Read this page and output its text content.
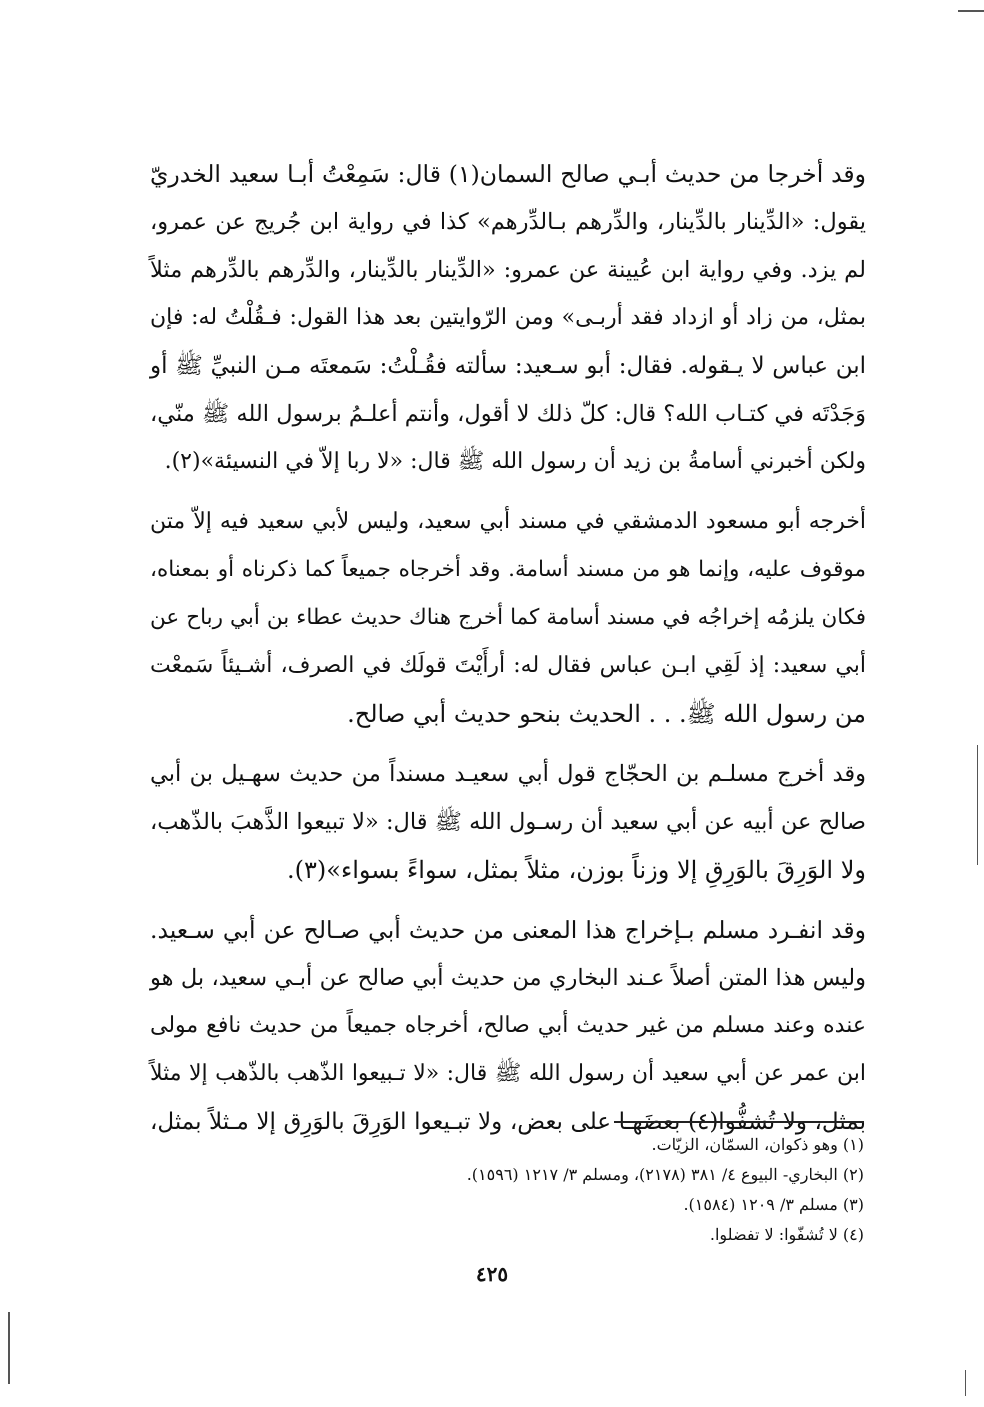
وقد أخرجا من حديث أبـي صالح السمان(١) قال: سَمِعْتُ أبـا سعيد الخدريّ
يقول: «الدِّينار بالدِّينار، والدِّرهم بـالدِّرهم» كذا في رواية ابن جُريج عن عمرو،
لم يزد. وفي رواية ابن عُيينة عن عمرو: «الدِّينار بالدِّينار، والدِّرهم بالدِّرهم مثلاً
بمثل، من زاد أو ازداد فقد أربـى» ومن الرّوايتين بعد هذا القول: فـقُلْتُ له: فإن
ابن عباس لا يـقوله. فقال: أبو سـعيد: سألته فقُـلْتُ: سَمعتَه مـن النبيِّ ﷺ أو
وَجَدْتَه في كتـاب الله؟ قال: كلّ ذلك لا أقول، وأنتم أعلـمُ برسول الله ﷺ منّي،
ولكن أخبرني أسامةُ بن زيد أن رسول الله ﷺ قال: «لا ربا إلاّ في النسيئة»(٢).
أخرجه أبو مسعود الدمشقي في مسند أبي سعيد، وليس لأبي سعيد فيه إلاّ متن
موقوف عليه، وإنما هو من مسند أسامة. وقد أخرجاه جميعاً كما ذكرناه أو بمعناه،
فكان يلزمُه إخراجُه في مسند أسامة كما أخرج هناك حديث عطاء بن أبي رباح عن
أبي سعيد: إذ لَقِي ابـن عباس فقال له: أرأَيْتَ قولَك في الصرف، أشـيئاً سَمعْت
من رسول الله ﷺ. . . الحديث بنحو حديث أبي صالح.
وقد أخرج مسلـم بن الحجّاج قول أبي سعيـد مسنداً من حديث سهـيل بن أبي
صالح عن أبيه عن أبي سعيد أن رسـول الله ﷺ قال: «لا تبيعوا الذَّهبَ بالذّهب،
ولا الوَرِقَ بالوَرِقِ إلا وزناً بوزن، مثلاً بمثل، سواءً بسواء»(٣).
وقد انفـرد مسلم بـإخراج هذا المعنى من حديث أبي صـالح عن أبي سـعيد.
وليس هذا المتن أصلاً عـند البخاري من حديث أبي صالح عن أبـي سعيد، بل هو
عنده وعند مسلم من غير حديث أبي صالح، أخرجاه جميعاً من حديث نافع مولى
ابن عمر عن أبي سعيد أن رسول الله ﷺ قال: «لا تـبيعوا الذّهب بالذّهب إلا مثلاً
بمثل، ولا تُشفُّوا(٤) بعضَهـا على بعض، ولا تبـيعوا الوَرِقَ بالوَرِق إلا مـثلاً بمثل،
(١) وهو ذكوان، السمّان، الزيّات.
(٢) البخاري- البيوع ٤/ ٣٨١ (٢١٧٨)، ومسلم ٣/ ١٢١٧ (١٥٩٦).
(٣) مسلم ٣/ ١٢٠٩ (١٥٨٤).
(٤) لا تُشفّوا: لا تفضلوا.
٤٢٥
